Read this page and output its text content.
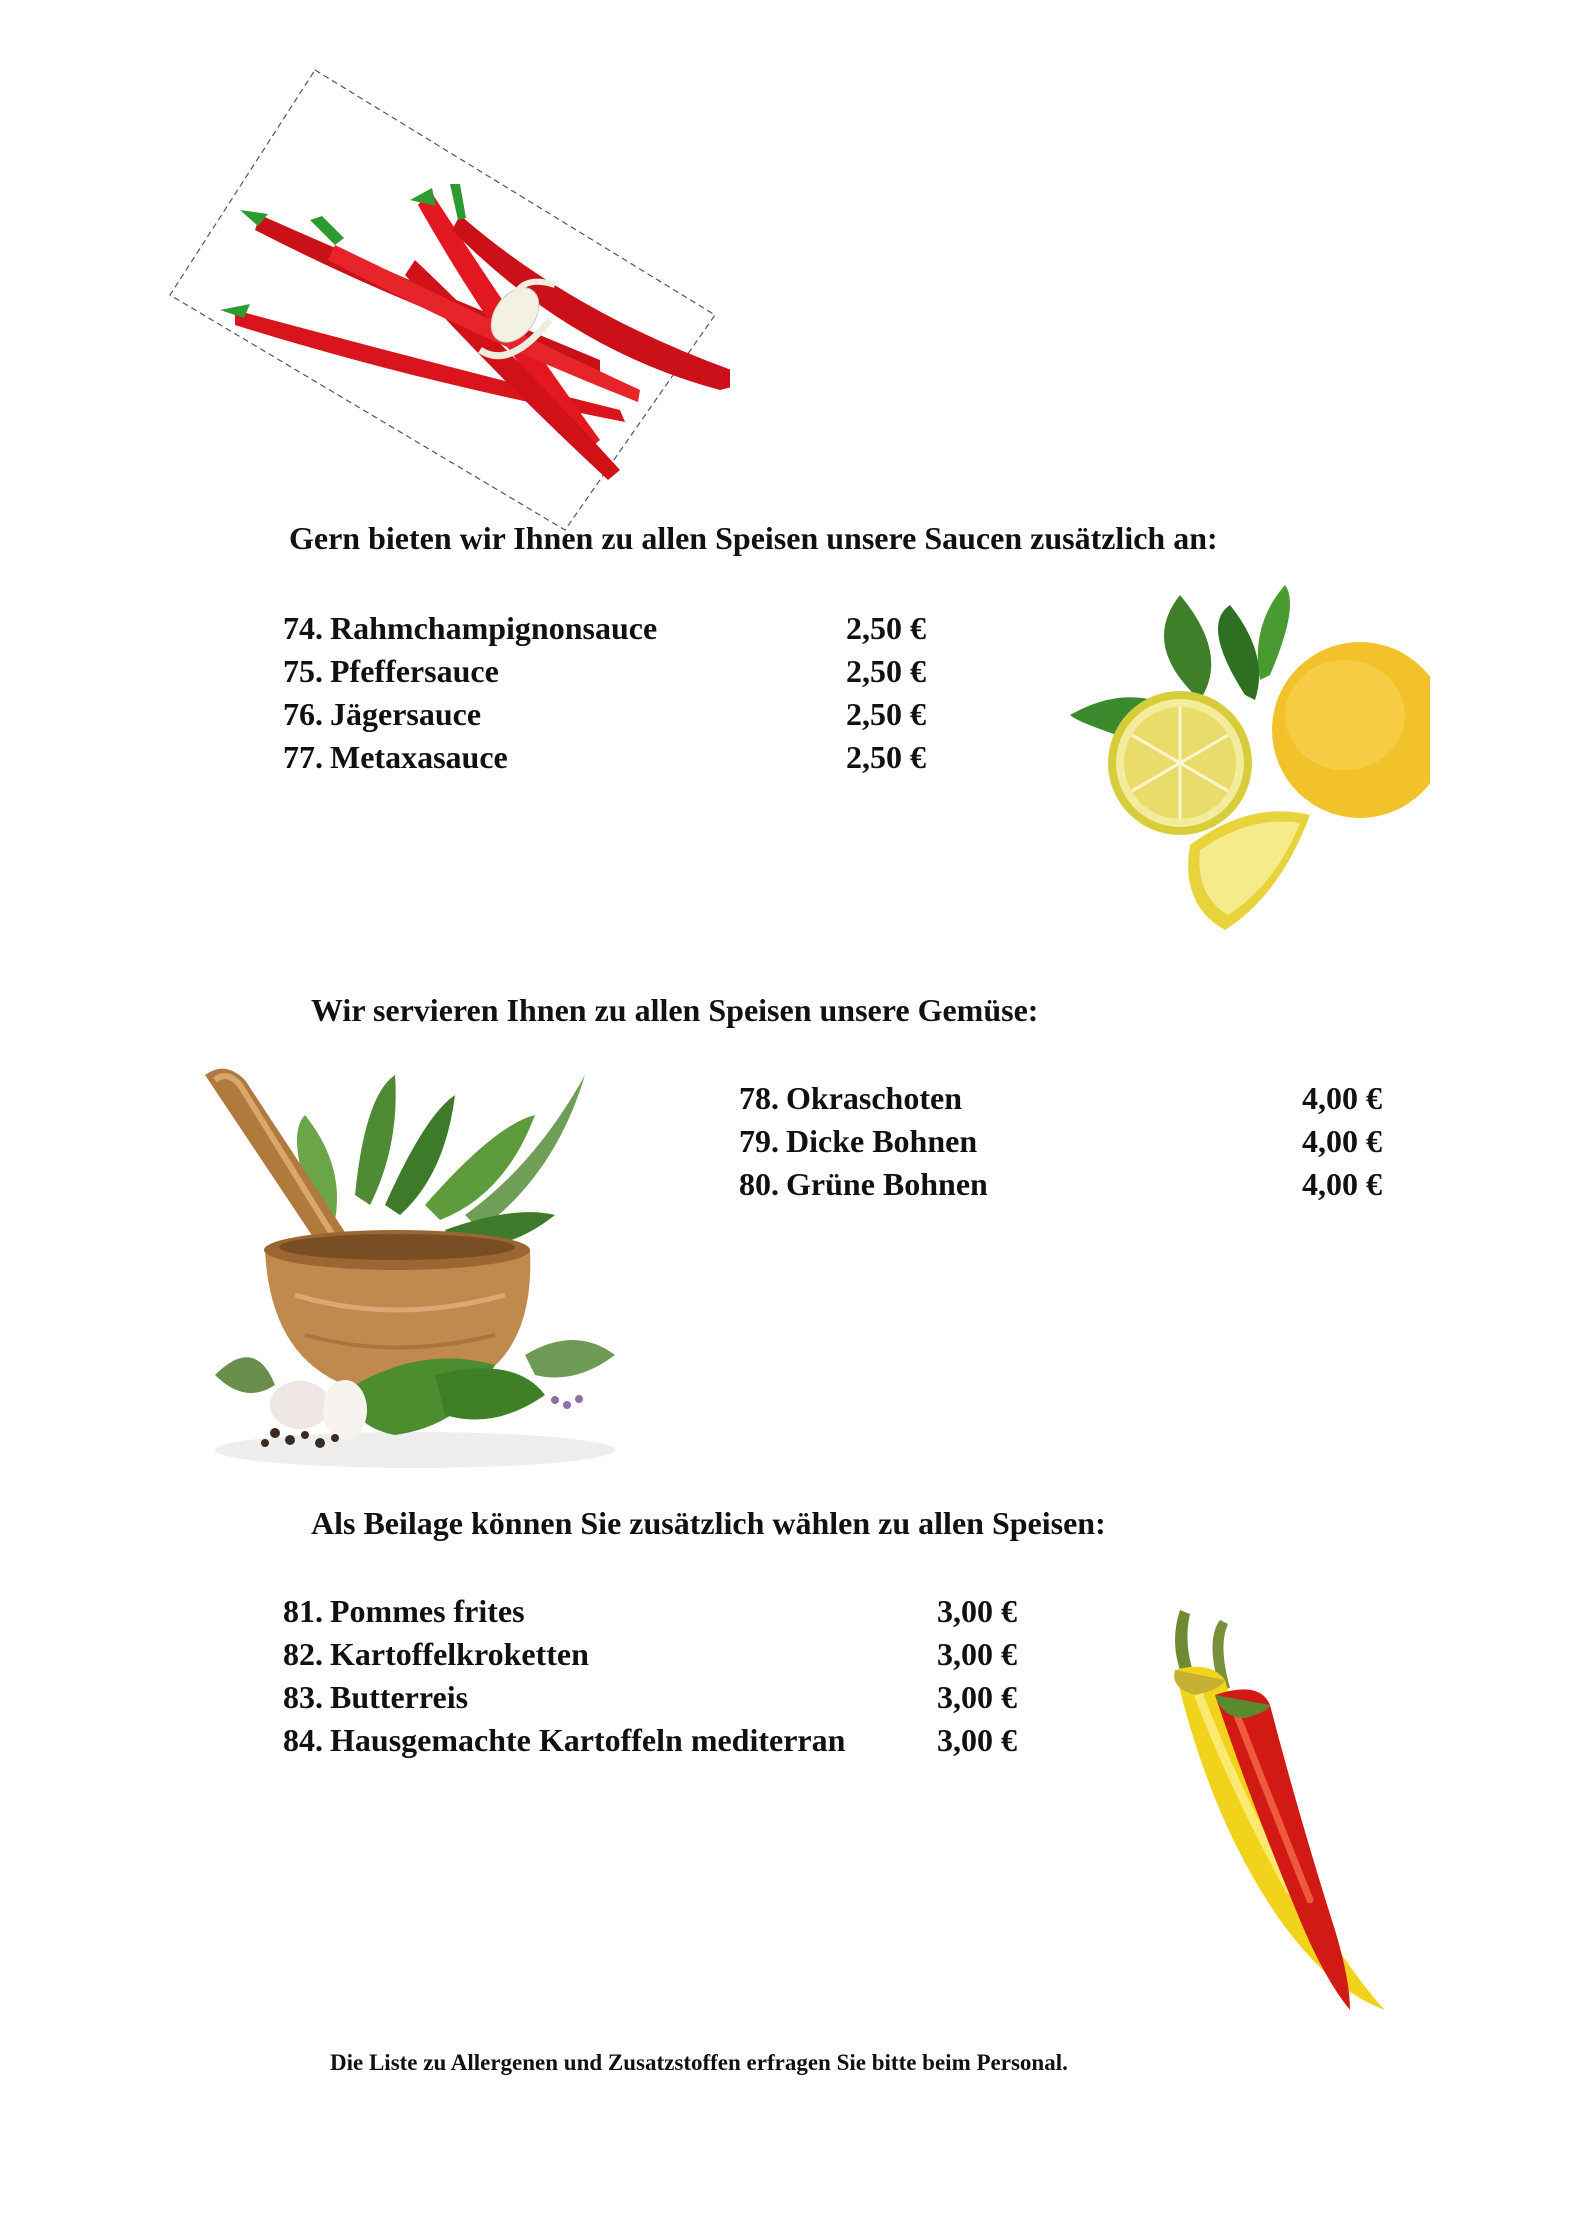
Gern bieten wir Ihnen zu allen Speisen unsere Saucen zusätzlich an:
74. Rahmchampignonsauce	2,50 €
75. Pfeffersauce	2,50 €
76. Jägersauce	2,50 €
77. Metaxasauce	2,50 €
Wir servieren Ihnen zu allen Speisen unsere Gemüse:
78. Okraschoten	4,00 €
79. Dicke Bohnen	4,00 €
80. Grüne Bohnen	4,00 €
Als Beilage können Sie zusätzlich wählen zu allen Speisen:
81. Pommes frites	3,00 €
82. Kartoffelkroketten	3,00 €
83. Butterreis	3,00 €
84. Hausgemachte Kartoffeln mediterran	3,00 €
Die Liste zu Allergenen und Zusatzstoffen erfragen Sie bitte beim Personal.
